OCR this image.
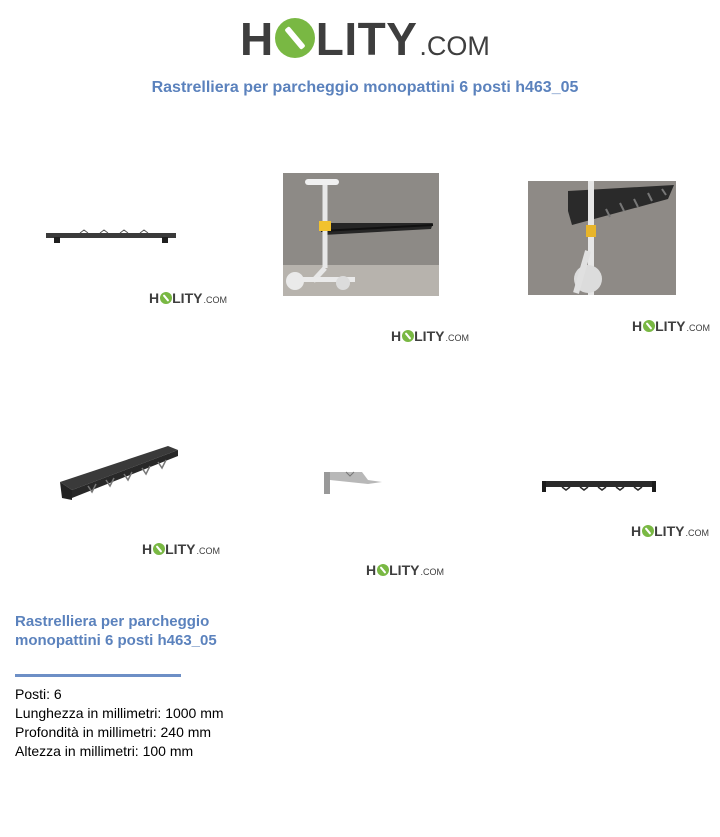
H LITY .COM
Rastrelliera per parcheggio monopattini 6 posti h463_05
H LITY .COM
H LITY .COM
H LITY .COM
H LITY .COM
H LITY .COM
H LITY .COM
Rastrelliera per parcheggio monopattini 6 posti h463_05
Posti: 6
Lunghezza in millimetri: 1000 mm
Profondità in millimetri: 240 mm
Altezza in millimetri: 100 mm
